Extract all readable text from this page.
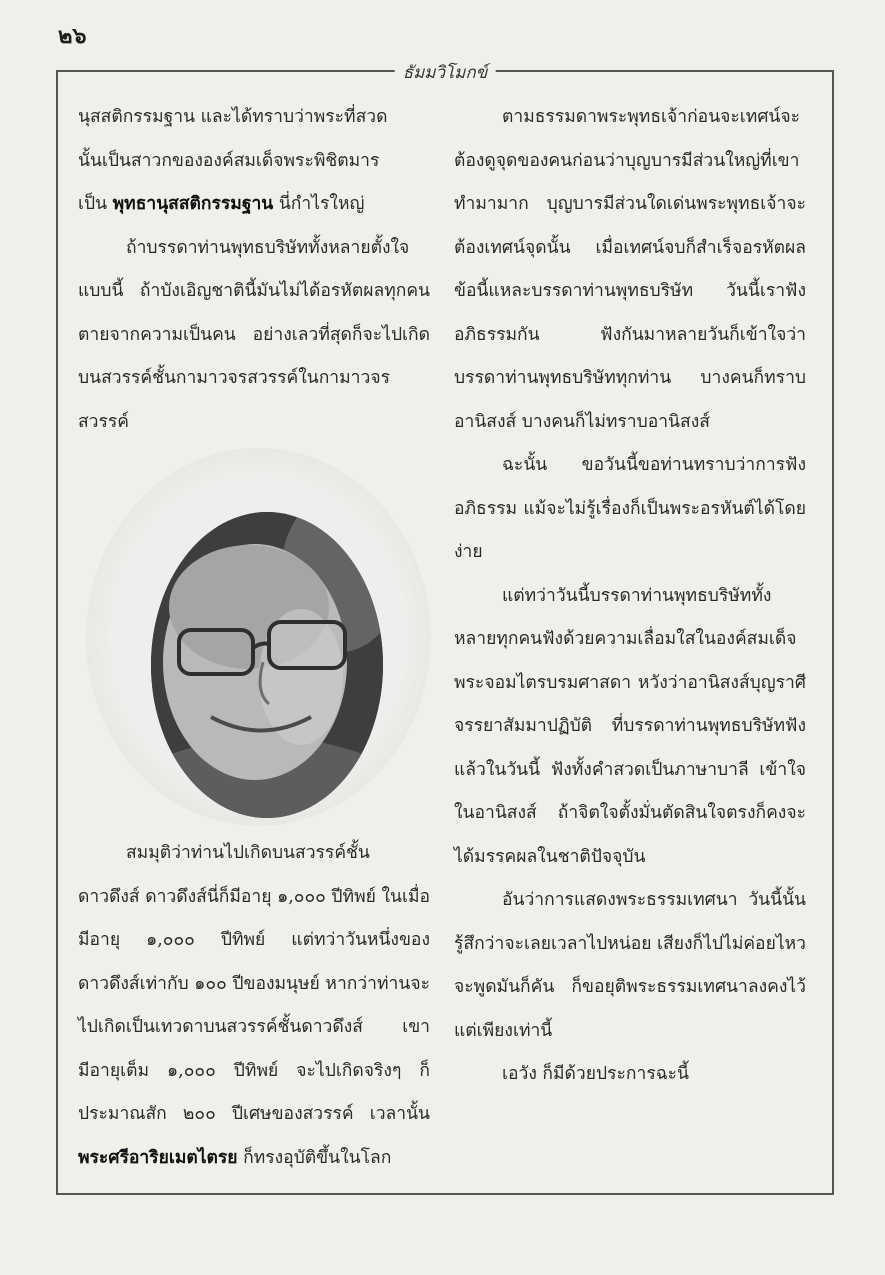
๒๖
ธัมมวิโมกข์

นุสสติกรรมฐาน และได้ทราบว่าพระที่สวด

นั้นเป็นสาวกขององค์สมเด็จพระพิชิตมาร

เป็น พุทธานุสสติกรรมฐาน นี่กำไรใหญ่

ถ้าบรรดาท่านพุทธบริษัททั้งหลายตั้งใจแบบนี้ ถ้าบังเอิญชาตินี้มันไม่ได้อรหัตผลทุกคนตายจากความเป็นคน อย่างเลวที่สุดก็จะไปเกิดบนสวรรค์ชั้นกามาวจรสวรรค์ในกามาวจรสวรรค์

สมมุติว่าท่านไปเกิดบนสวรรค์ชั้นดาวดึงส์ ดาวดึงส์นี่ก็มีอายุ ๑,๐๐๐ ปีทิพย์ ในเมื่อมีอายุ ๑,๐๐๐ ปีทิพย์ แต่ทว่าวันหนึ่งของดาวดึงส์เท่ากับ ๑๐๐ ปีของมนุษย์ หากว่าท่านจะไปเกิดเป็นเทวดาบนสวรรค์ชั้นดาวดึงส์ เขามีอายุเต็ม ๑,๐๐๐ ปีทิพย์ จะไปเกิดจริงๆ ก็ประมาณสัก ๒๐๐ ปีเศษของสวรรค์ เวลานั้น พระศรีอาริยเมตไตรย ก็ทรงอุบัติขึ้นในโลก

ตามธรรมดาพระพุทธเจ้าก่อนจะเทศน์จะต้องดูจุดของคนก่อนว่าบุญบารมีส่วนใหญ่ที่เขาทำมามาก บุญบารมีส่วนใดเด่นพระพุทธเจ้าจะต้องเทศน์จุดนั้น เมื่อเทศน์จบก็สำเร็จอรหัตผลข้อนี้แหละบรรดาท่านพุทธบริษัท วันนี้เราฟังอภิธรรมกัน ฟังกันมาหลายวันก็เข้าใจว่า บรรดาท่านพุทธบริษัททุกท่าน บางคนก็ทราบอานิสงส์ บางคนก็ไม่ทราบอานิสงส์

ฉะนั้น ขอวันนี้ขอท่านทราบว่าการฟังอภิธรรม แม้จะไม่รู้เรื่องก็เป็นพระอรหันต์ได้โดยง่าย

แต่ทว่าวันนี้บรรดาท่านพุทธบริษัททั้งหลายทุกคนฟังด้วยความเลื่อมใสในองค์สมเด็จพระจอมไตรบรมศาสดา หวังว่าอานิสงส์บุญราศีจรรยาสัมมาปฏิบัติ ที่บรรดาท่านพุทธบริษัทฟังแล้วในวันนี้ ฟังทั้งคำสวดเป็นภาษาบาลี เข้าใจในอานิสงส์ ถ้าจิตใจตั้งมั่นตัดสินใจตรงก็คงจะได้มรรคผลในชาติปัจจุบัน

อันว่าการแสดงพระธรรมเทศนา วันนี้นั้นรู้สึกว่าจะเลยเวลาไปหน่อย เสียงก็ไปไม่ค่อยไหว จะพูดมันก็คัน ก็ขอยุติพระธรรมเทศนาลงคงไว้แต่เพียงเท่านี้

เอวัง ก็มีด้วยประการฉะนี้
